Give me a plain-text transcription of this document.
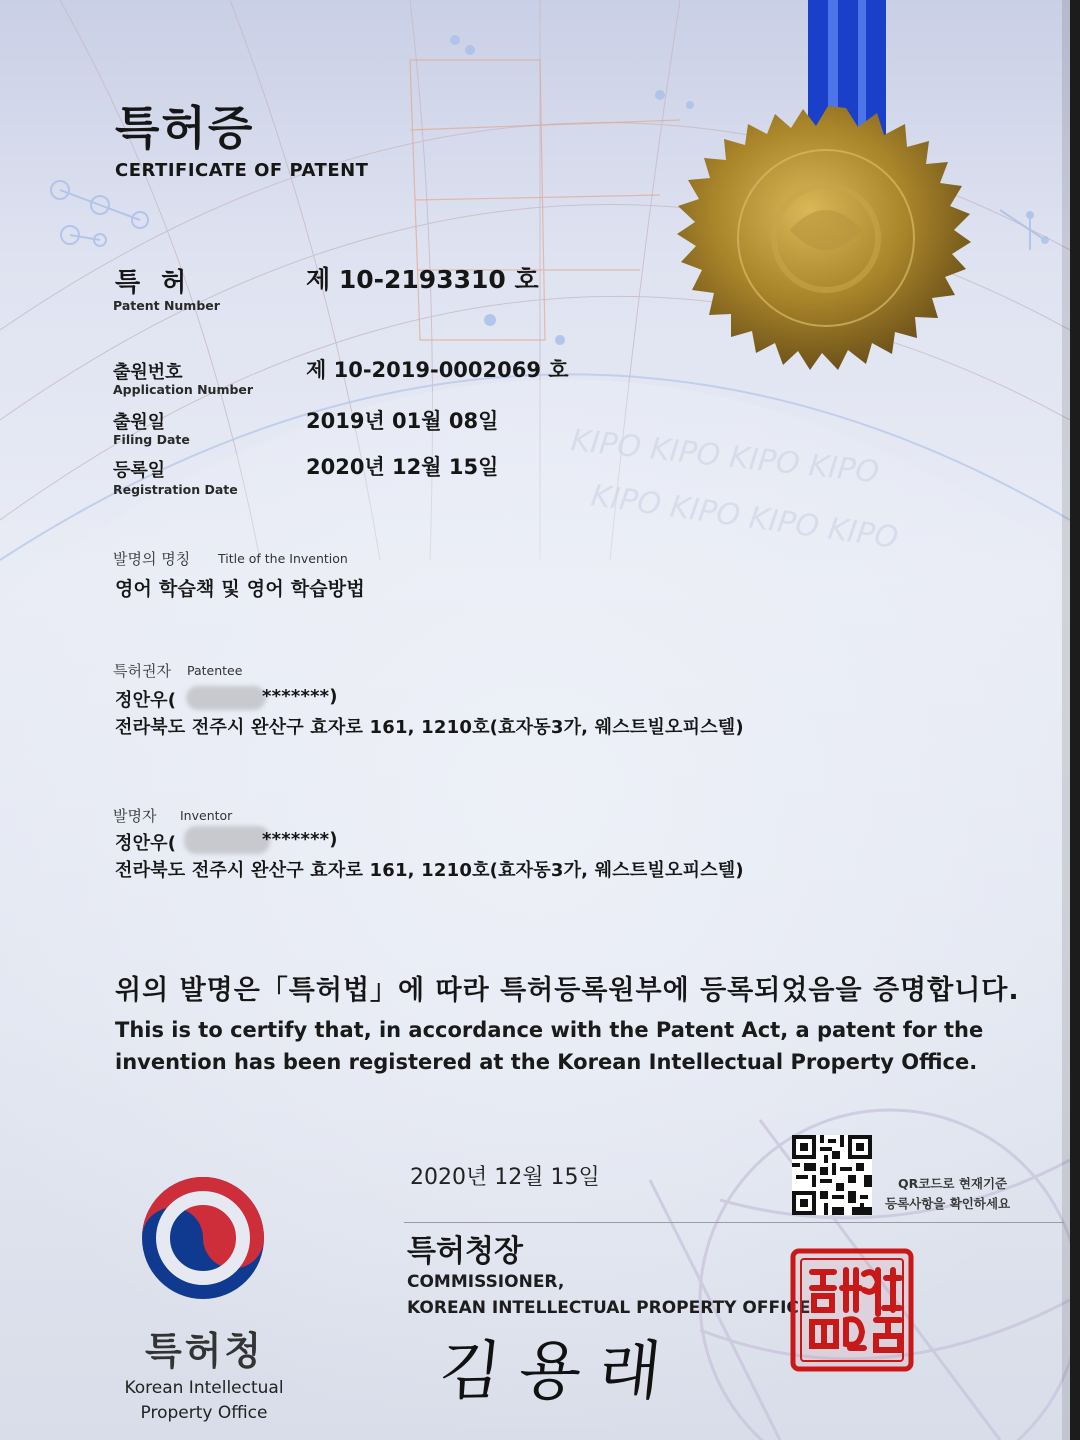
KIPO KIPO KIPO KIPO
KIPO KIPO KIPO KIPO

특허증

CERTIFICATE OF PATENT

특 허

Patent Number

제 10-2193310 호

출원번호

Application Number

제 10-2019-0002069 호

출원일

Filing Date

2019년 01월 08일

등록일

Registration Date

2020년 12월 15일

발명의 명칭 Title of the Invention

영어 학습책 및 영어 학습방법

특허권자 Patentee

정안우(	*******)

전라북도 전주시 완산구 효자로 161, 1210호(효자동3가, 웨스트빌오피스텔)

발명자 Inventor

정안우(	*******)

전라북도 전주시 완산구 효자로 161, 1210호(효자동3가, 웨스트빌오피스텔)

위의 발명은「특허법」에 따라 특허등록원부에 등록되었음을 증명합니다.

This is to certify that, in accordance with the Patent Act, a patent for the

invention has been registered at the Korean Intellectual Property Office.

2020년 12월 15일

특허청장

COMMISSIONER,

KOREAN INTELLECTUAL PROPERTY OFFICE

김용래

QR코드로 현재기준

등록사항을 확인하세요

특허청

Korean Intellectual

Property Office
